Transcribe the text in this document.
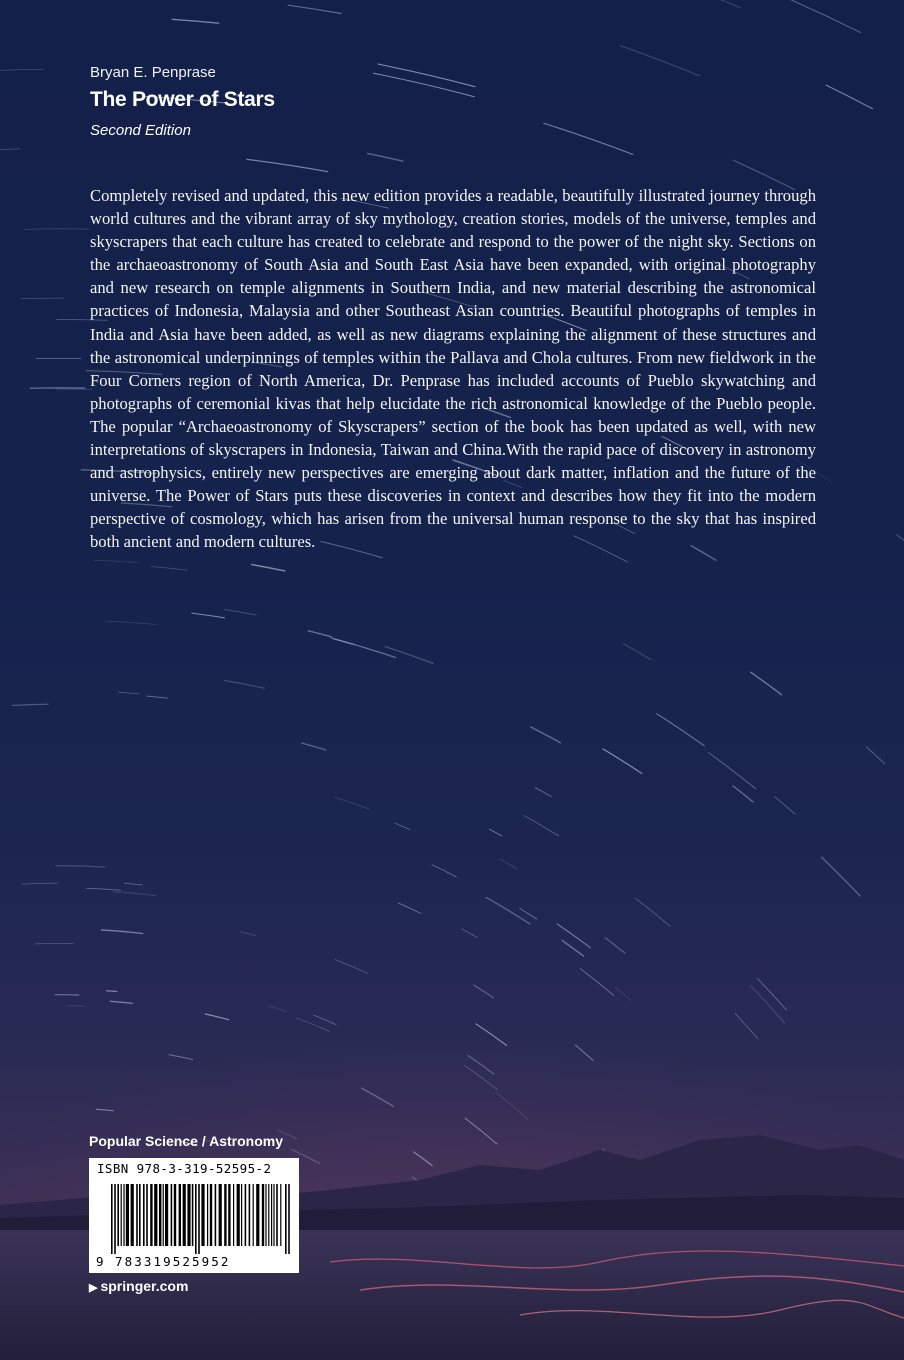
Bryan E. Penprase
The Power of Stars
Second Edition

Completely revised and updated, this new edition provides a readable, beautifully illustrated journey through world cultures and the vibrant array of sky mythology, creation stories, models of the universe, temples and skyscrapers that each culture has created to celebrate and respond to the power of the night sky. Sections on the archaeoastronomy of South Asia and South East Asia have been expanded, with original photography and new research on temple alignments in Southern India, and new material describing the astronomical practices of Indonesia, Malaysia and other Southeast Asian countries. Beautiful photographs of temples in India and Asia have been added, as well as new diagrams explaining the alignment of these structures and the astronomical underpinnings of temples within the Pallava and Chola cultures. From new fieldwork in the Four Corners region of North America, Dr. Penprase has included accounts of Pueblo skywatching and photographs of ceremonial kivas that help elucidate the rich astronomical knowledge of the Pueblo people. The popular “Archaeoastronomy of Skyscrapers” section of the book has been updated as well, with new interpretations of skyscrapers in Indonesia, Taiwan and China.With the rapid pace of discovery in astronomy and astrophysics, entirely new perspectives are emerging about dark matter, inflation and the future of the universe. The Power of Stars puts these discoveries in context and describes how they fit into the modern perspective of cosmology, which has arisen from the universal human response to the sky that has inspired both ancient and modern cultures.

Popular Science / Astronomy
ISBN 978-3-319-52595-2
9 783319525952
▶ springer.com
